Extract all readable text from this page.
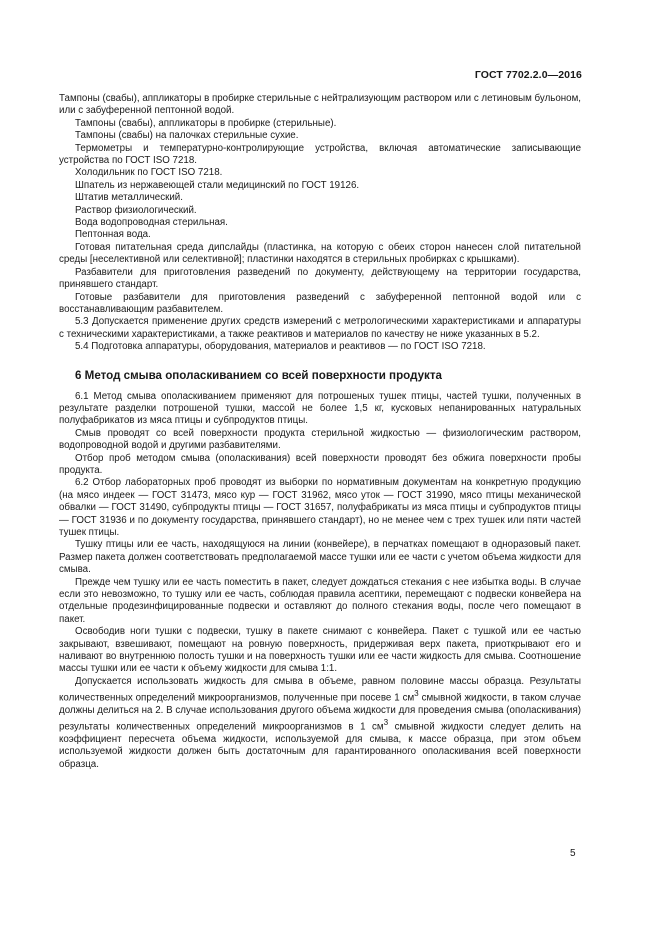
ГОСТ 7702.2.0—2016

Тампоны (свабы), аппликаторы в пробирке стерильные с нейтрализующим раствором или с летиновым бульоном, или с забуференной пептонной водой.

Тампоны (свабы), аппликаторы в пробирке (стерильные).

Тампоны (свабы) на палочках стерильные сухие.

Термометры и температурно-контролирующие устройства, включая автоматические записывающие устройства по ГОСТ ISO 7218.

Холодильник по ГОСТ ISO 7218.

Шпатель из нержавеющей стали медицинский по ГОСТ 19126.

Штатив металлический.

Раствор физиологический.

Вода водопроводная стерильная.

Пептонная вода.

Готовая питательная среда дипслайды (пластинка, на которую с обеих сторон нанесен слой питательной среды [неселективной или селективной]; пластинки находятся в стерильных пробирках с крышками).

Разбавители для приготовления разведений по документу, действующему на территории государства, принявшего стандарт.

Готовые разбавители для приготовления разведений с забуференной пептонной водой или с восстанавливающим разбавителем.

5.3 Допускается применение других средств измерений с метрологическими характеристиками и аппаратуры с техническими характеристиками, а также реактивов и материалов по качеству не ниже указанных в 5.2.

5.4 Подготовка аппаратуры, оборудования, материалов и реактивов — по ГОСТ ISO 7218.

6 Метод смыва ополаскиванием со всей поверхности продукта

6.1 Метод смыва ополаскиванием применяют для потрошеных тушек птицы, частей тушки, полученных в результате разделки потрошеной тушки, массой не более 1,5 кг, кусковых непанированных натуральных полуфабрикатов из мяса птицы и субпродуктов птицы.

Смыв проводят со всей поверхности продукта стерильной жидкостью — физиологическим раствором, водопроводной водой и другими разбавителями.

Отбор проб методом смыва (ополаскивания) всей поверхности проводят без обжига поверхности пробы продукта.

6.2 Отбор лабораторных проб проводят из выборки по нормативным документам на конкретную продукцию (на мясо индеек — ГОСТ 31473, мясо кур — ГОСТ 31962, мясо уток — ГОСТ 31990, мясо птицы механической обвалки — ГОСТ 31490, субпродукты птицы — ГОСТ 31657, полуфабрикаты из мяса птицы и субпродуктов птицы — ГОСТ 31936 и по документу государства, принявшего стандарт), но не менее чем с трех тушек или пяти частей тушек птицы.

Тушку птицы или ее часть, находящуюся на линии (конвейере), в перчатках помещают в одноразовый пакет. Размер пакета должен соответствовать предполагаемой массе тушки или ее части с учетом объема жидкости для смыва.

Прежде чем тушку или ее часть поместить в пакет, следует дождаться стекания с нее избытка воды. В случае если это невозможно, то тушку или ее часть, соблюдая правила асептики, перемещают с подвески конвейера на отдельные продезинфицированные подвески и оставляют до полного стекания воды, после чего помещают в пакет.

Освободив ноги тушки с подвески, тушку в пакете снимают с конвейера. Пакет с тушкой или ее частью закрывают, взвешивают, помещают на ровную поверхность, придерживая верх пакета, приоткрывают его и наливают во внутреннюю полость тушки и на поверхность тушки или ее части жидкость для смыва. Соотношение массы тушки или ее части к объему жидкости для смыва 1:1.

Допускается использовать жидкость для смыва в объеме, равном половине массы образца. Результаты количественных определений микроорганизмов, полученные при посеве 1 $см^3$ смывной жидкости, в таком случае должны делиться на 2. В случае использования другого объема жидкости для проведения смыва (ополаскивания) результаты количественных определений микроорганизмов в 1 $см^3$ смывной жидкости следует делить на коэффициент пересчета объема жидкости, используемой для смыва, к массе образца, при этом объем используемой жидкости должен быть достаточным для гарантированного ополаскивания всей поверхности образца.

5
